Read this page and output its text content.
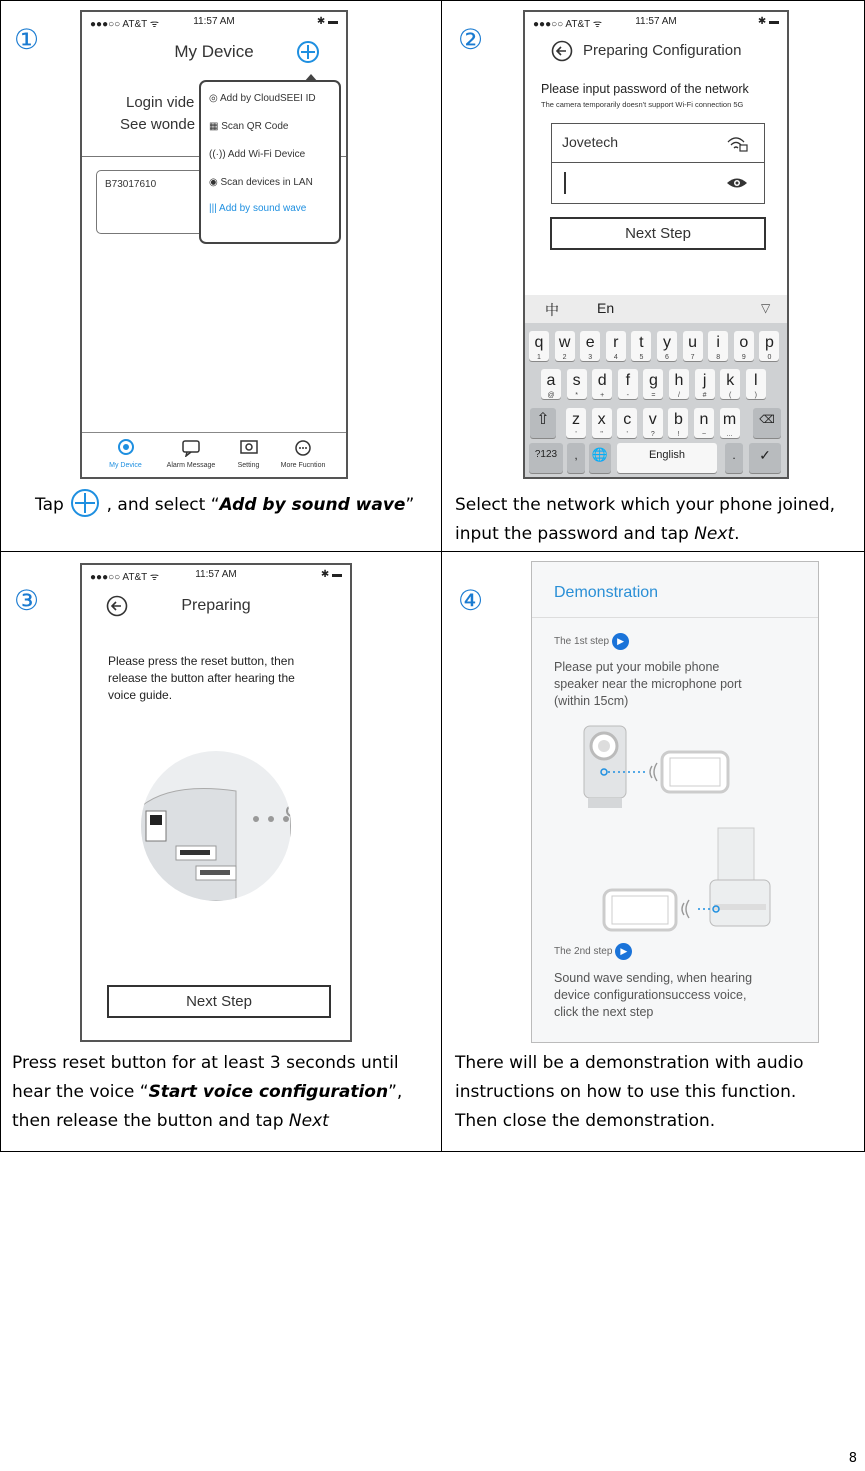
①	●●●○○ AT&T ᯤ	11:57 AM	✱ ▬
My Device
Login vide
See wonde
B73017610
◎ Add by CloudSEEI ID
▦ Scan QR Code
((·)) Add Wi-Fi Device
◉ Scan devices in LAN
||| Add by sound wave
My Device	Alarm Message	Setting	More Fucntion
Tap  , and select “Add by sound wave”
②	●●●○○ AT&T ᯤ	11:57 AM	✱ ▬
Preparing Configuration
Please input password of the network
The camera temporarily doesn't support Wi-Fi connection 5G
Jovetech
Next Step
中	En	▽
q
1
w
2
e
3
r
4
t
5
y
6
u
7
i
8
o
9
p
0
a
@
s
*
d
+
f
-
g
=
h
/
j
#
k
(
l
)
z
'
x
"
c
'
v
?
b
!
n
~
m
...
⇧	⌫
?123	,	🌐	English	.	✓
Select the network which your phone joined,
input the password and tap Next.
③
●●●○○ AT&T ᯤ	11:57 AM	✱ ▬
Preparing
Please press the reset button, then
release the button after hearing the
voice guide.
Next Step
Press reset button for at least 3 seconds until
hear the voice “Start voice configuration”,
then release the button and tap Next
④	Demonstration
The 1st step ▶
Please put your mobile phone
speaker near the microphone port
(within 15cm)
The 2nd step ▶
Sound wave sending, when hearing
device configurationsuccess voice,
click the next step
There will be a demonstration with audio
instructions on how to use this function.
Then close the demonstration.
8
